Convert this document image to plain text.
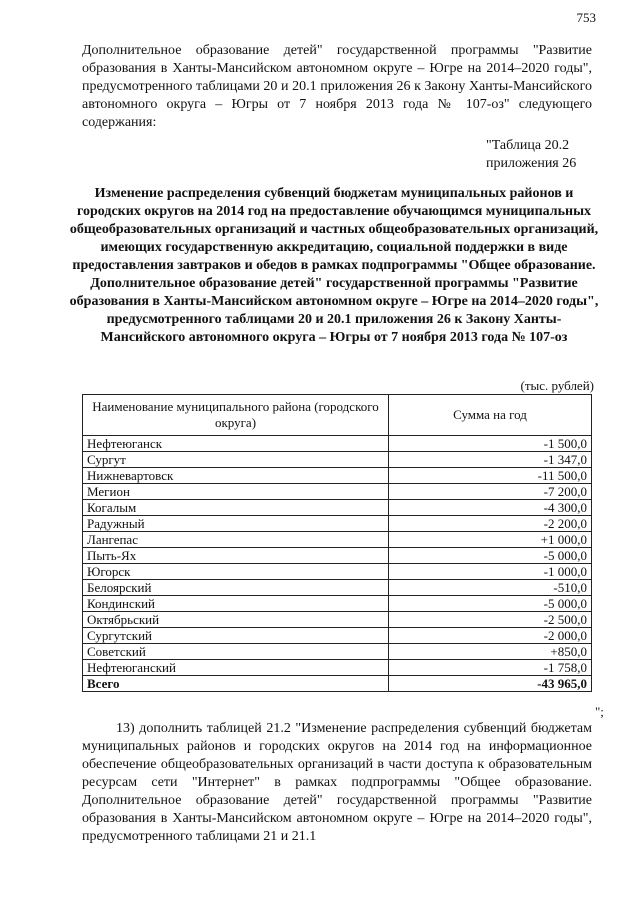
753
Дополнительное образование детей" государственной программы "Развитие образования в Ханты-Мансийском автономном округе – Югре на 2014–2020 годы", предусмотренного таблицами 20 и 20.1 приложения 26 к Закону Ханты-Мансийского автономного округа – Югры от 7 ноября 2013 года № 107-оз" следующего содержания:
"Таблица 20.2
приложения 26
Изменение распределения субвенций бюджетам муниципальных районов и городских округов на 2014 год на предоставление обучающимся муниципальных общеобразовательных организаций и частных общеобразовательных организаций, имеющих государственную аккредитацию, социальной поддержки в виде предоставления завтраков и обедов в рамках подпрограммы "Общее образование. Дополнительное образование детей" государственной программы "Развитие образования в Ханты-Мансийском автономном округе – Югре на 2014–2020 годы", предусмотренного таблицами 20 и 20.1 приложения 26 к Закону Ханты-Мансийского автономного округа – Югры от 7 ноября 2013 года № 107-оз
(тыс. рублей)
Наименование муниципального района (городского округа)	Сумма на год
Нефтеюганск	-1 500,0
Сургут	-1 347,0
Нижневартовск	-11 500,0
Мегион	-7 200,0
Когалым	-4 300,0
Радужный	-2 200,0
Лангепас	+1 000,0
Пыть-Ях	-5 000,0
Югорск	-1 000,0
Белоярский	-510,0
Кондинский	-5 000,0
Октябрьский	-2 500,0
Сургутский	-2 000,0
Советский	+850,0
Нефтеюганский	-1 758,0
Всего	-43 965,0
";
13) дополнить таблицей 21.2 "Изменение распределения субвенций бюджетам муниципальных районов и городских округов на 2014 год на информационное обеспечение общеобразовательных организаций в части доступа к образовательным ресурсам сети "Интернет" в рамках подпрограммы "Общее образование. Дополнительное образование детей" государственной программы "Развитие образования в Ханты-Мансийском автономном округе – Югре на 2014–2020 годы", предусмотренного таблицами 21 и 21.1
